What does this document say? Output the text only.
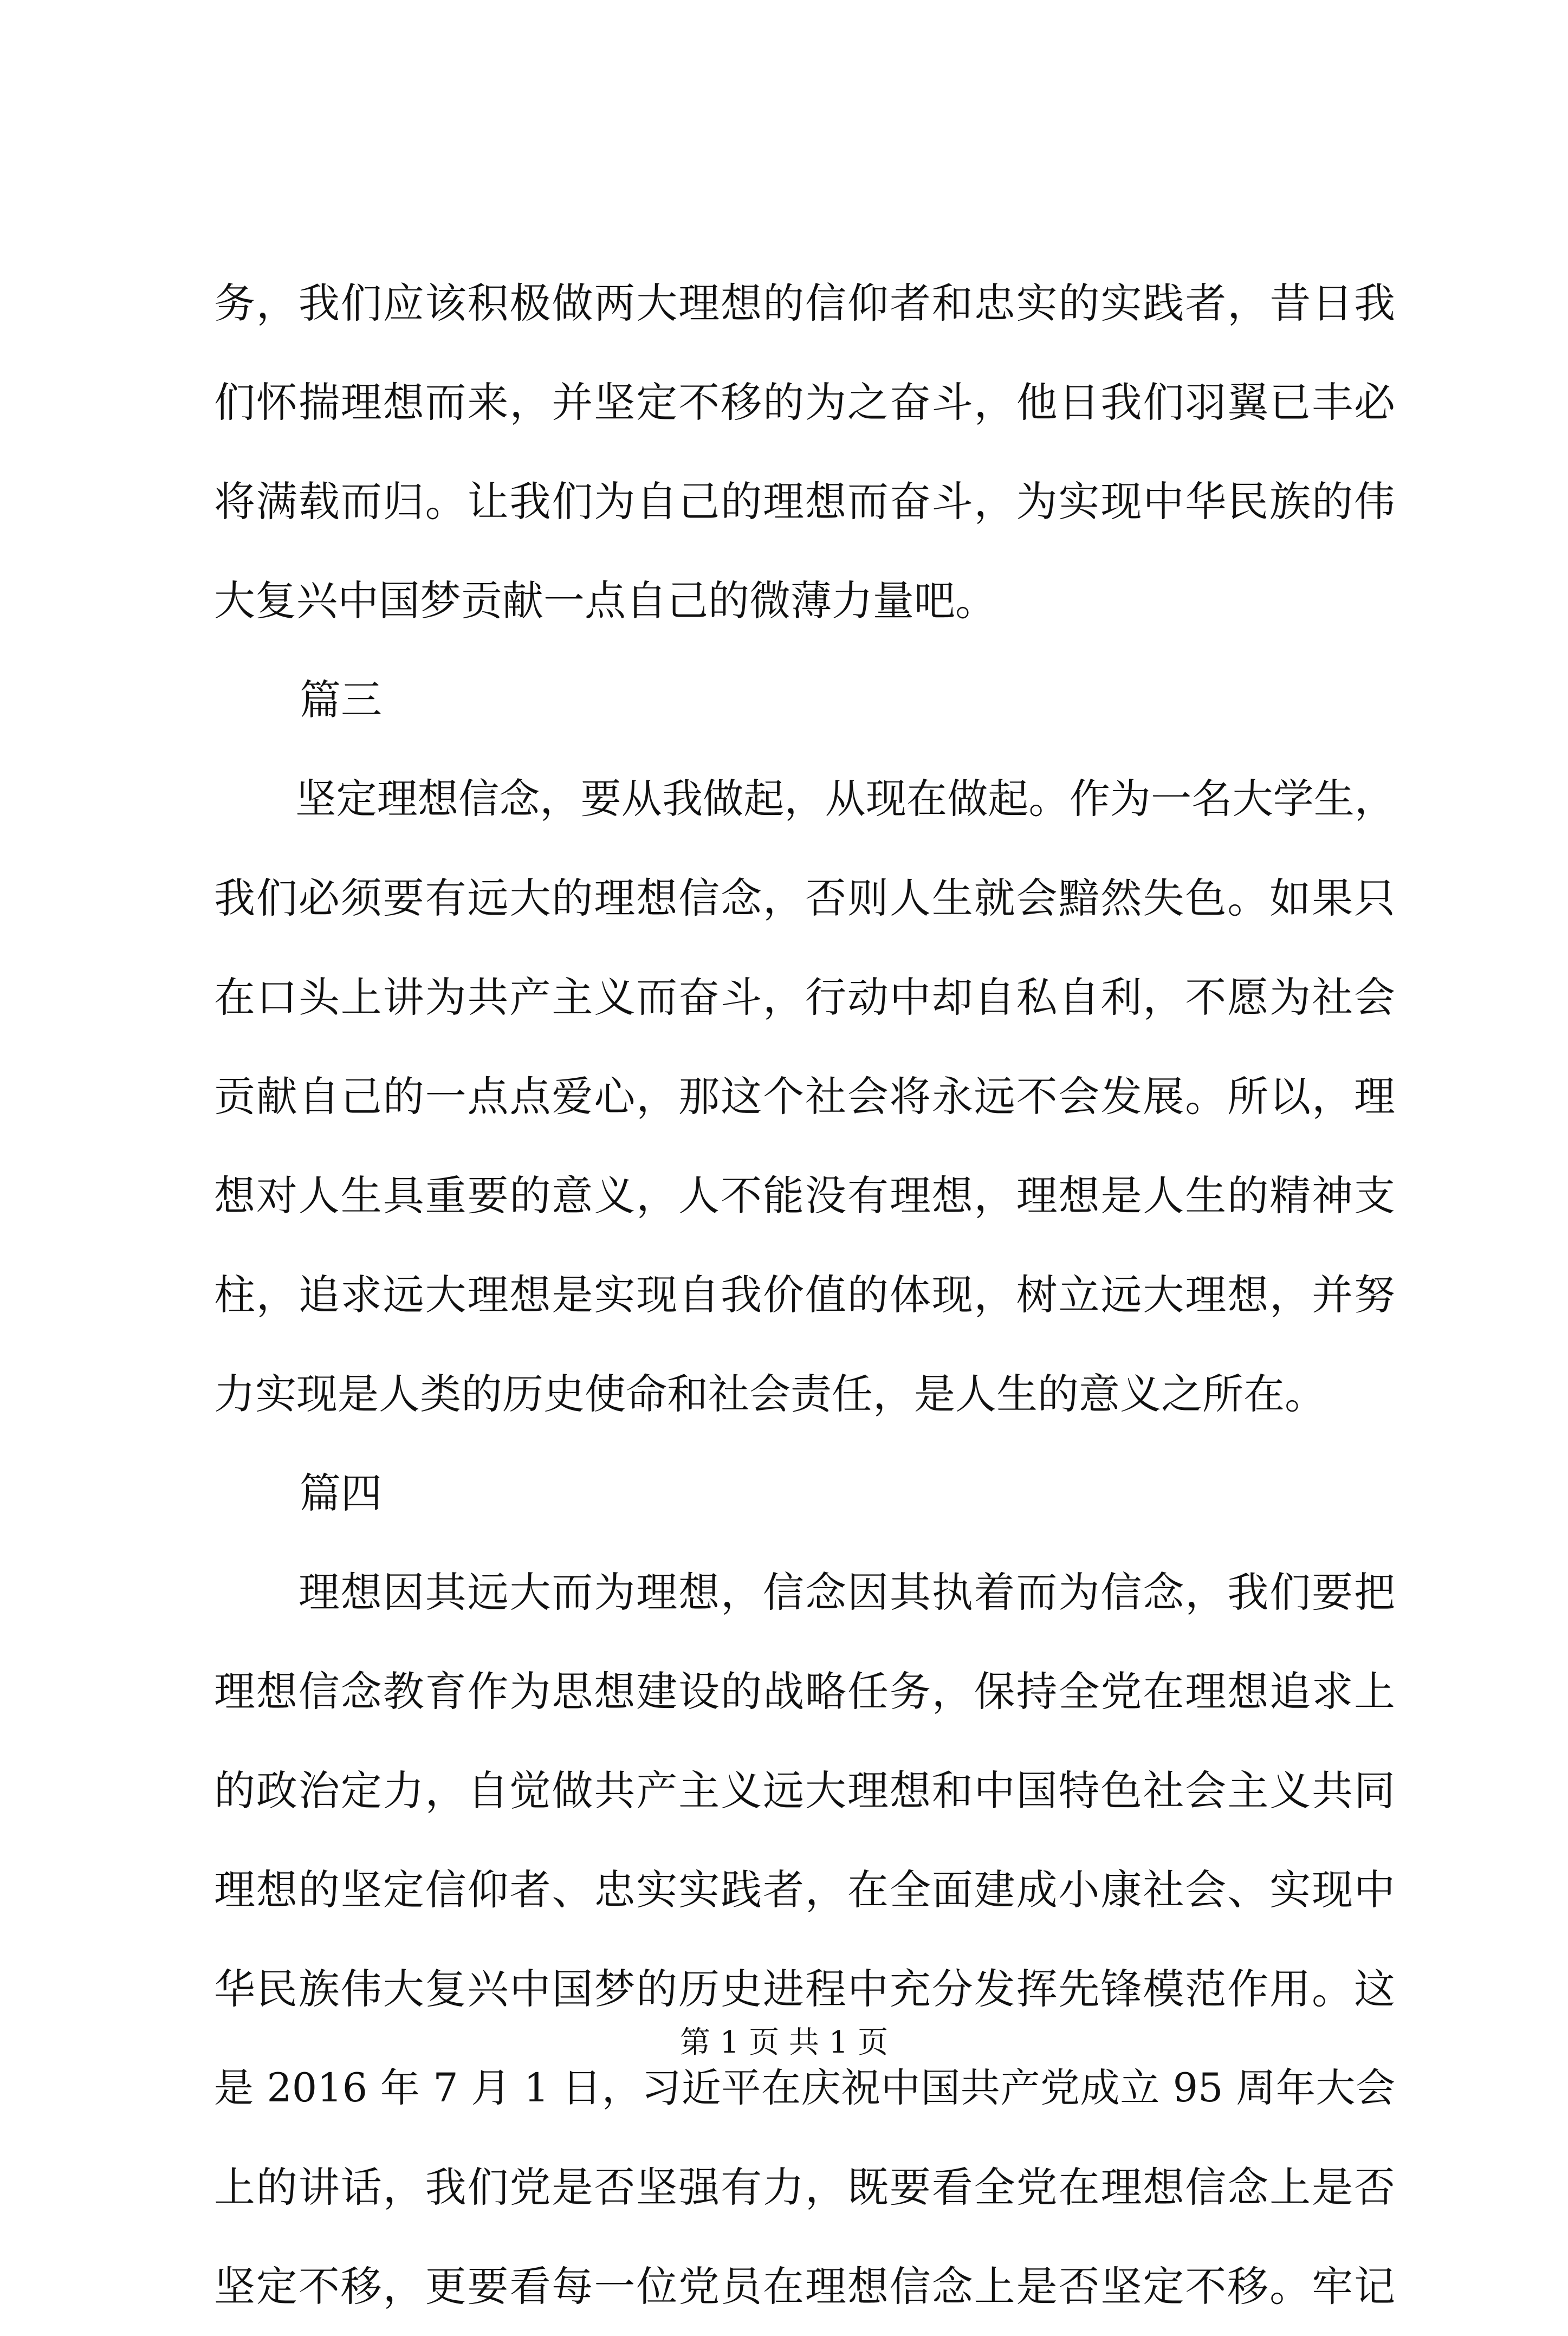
务，我们应该积极做两大理想的信仰者和忠实的实践者，昔日我
们怀揣理想而来，并坚定不移的为之奋斗，他日我们羽翼已丰必
将满载而归。让我们为自己的理想而奋斗，为实现中华民族的伟
大复兴中国梦贡献一点自己的微薄力量吧。
篇三
　　坚定理想信念，要从我做起，从现在做起。作为一名大学生，
我们必须要有远大的理想信念，否则人生就会黯然失色。如果只
在口头上讲为共产主义而奋斗，行动中却自私自利，不愿为社会
贡献自己的一点点爱心，那这个社会将永远不会发展。所以，理
想对人生具重要的意义，人不能没有理想，理想是人生的精神支
柱，追求远大理想是实现自我价值的体现，树立远大理想，并努
力实现是人类的历史使命和社会责任，是人生的意义之所在。
篇四
　　理想因其远大而为理想，信念因其执着而为信念，我们要把
理想信念教育作为思想建设的战略任务，保持全党在理想追求上
的政治定力，自觉做共产主义远大理想和中国特色社会主义共同
理想的坚定信仰者、忠实实践者，在全面建成小康社会、实现中
华民族伟大复兴中国梦的历史进程中充分发挥先锋模范作用。这
是 2016 年 7 月 1 日，习近平在庆祝中国共产党成立 95 周年大会
上的讲话，我们党是否坚强有力，既要看全党在理想信念上是否
坚定不移，更要看每一位党员在理想信念上是否坚定不移。牢记
第 1 页 共 1 页
